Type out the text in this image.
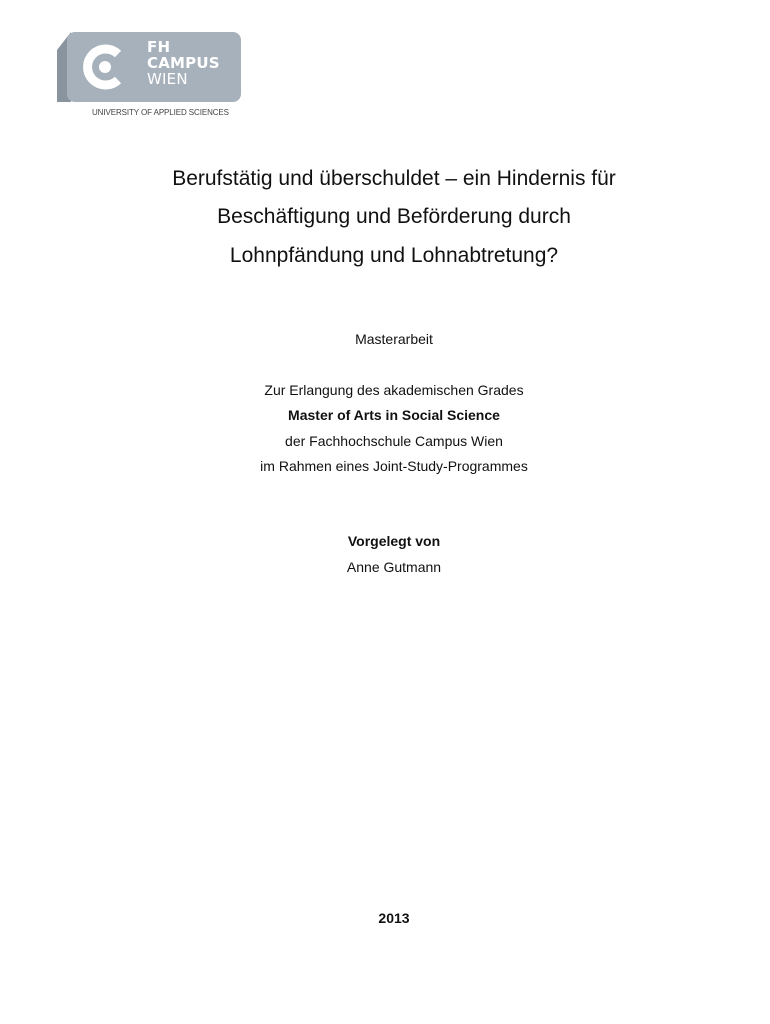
FH
CAMPUS
WIEN
UNIVERSITY OF APPLIED SCIENCES
Berufstätig und überschuldet – ein Hindernis für
Beschäftigung und Beförderung durch
Lohnpfändung und Lohnabtretung?
Masterarbeit
Zur Erlangung des akademischen Grades
Master of Arts in Social Science
der Fachhochschule Campus Wien
im Rahmen eines Joint-Study-Programmes
Vorgelegt von
Anne Gutmann
2013
